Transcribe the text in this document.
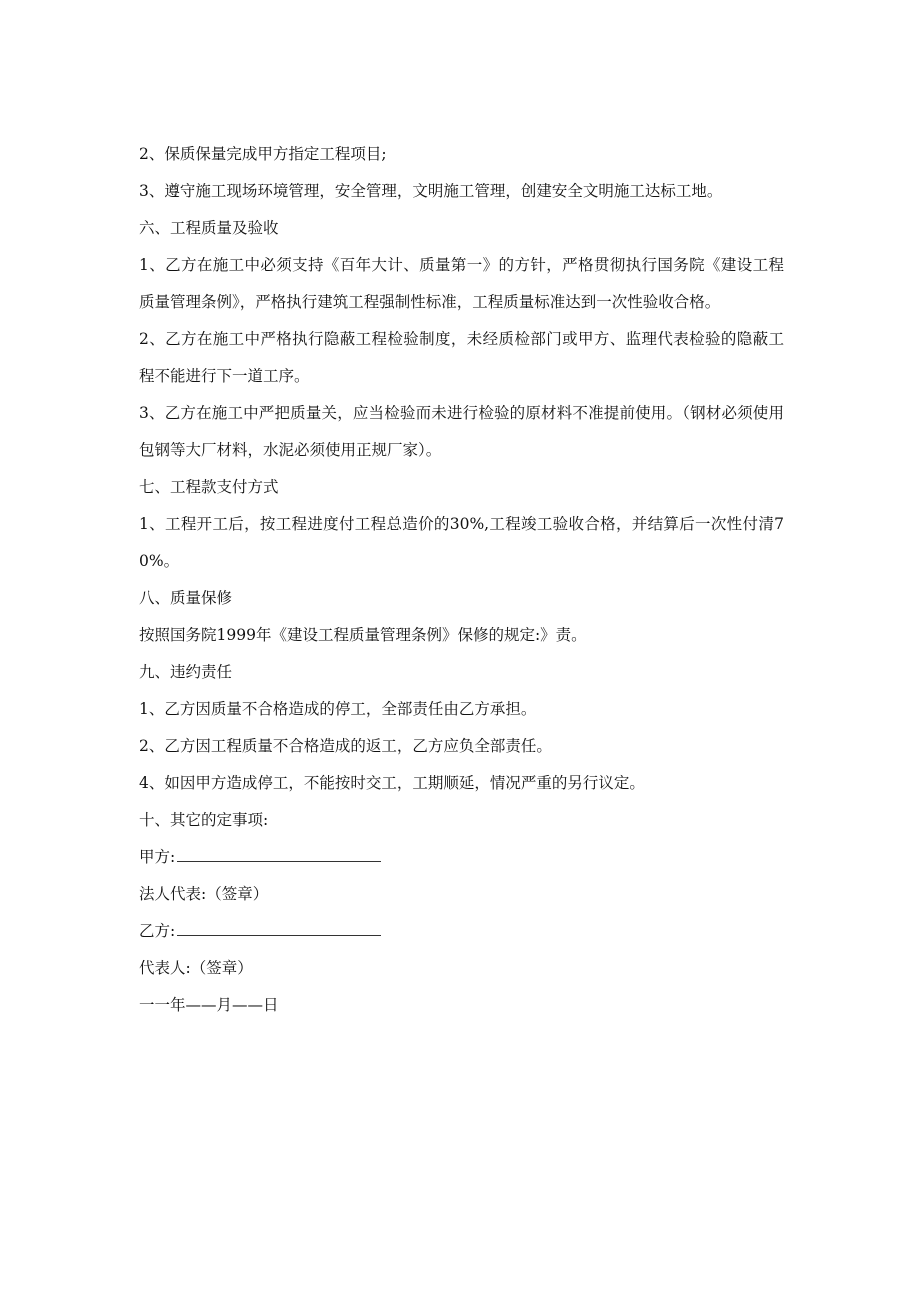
2、保质保量完成甲方指定工程项目;

3、遵守施工现场环境管理，安全管理，文明施工管理，创建安全文明施工达标工地。

六、工程质量及验收

1、乙方在施工中必须支持《百年大计、质量第一》的方针，严格贯彻执行国务院《建设工程质量管理条例》，严格执行建筑工程强制性标准，工程质量标准达到一次性验收合格。

2、乙方在施工中严格执行隐蔽工程检验制度，未经质检部门或甲方、监理代表检验的隐蔽工程不能进行下一道工序。

3、乙方在施工中严把质量关，应当检验而未进行检验的原材料不准提前使用。（钢材必须使用包钢等大厂材料，水泥必须使用正规厂家）。

七、工程款支付方式

1、工程开工后，按工程进度付工程总造价的30%,工程竣工验收合格，并结算后一次性付清70%。

八、质量保修

按照国务院1999年《建设工程质量管理条例》保修的规定:》责。

九、违约责任

1、乙方因质量不合格造成的停工，全部责任由乙方承担。

2、乙方因工程质量不合格造成的返工，乙方应负全部责任。

4、如因甲方造成停工，不能按时交工，工期顺延，情况严重的另行议定。

十、其它的定事项:

甲方:

法人代表:（签章）

乙方:

代表人:（签章）

一一年——月——日
